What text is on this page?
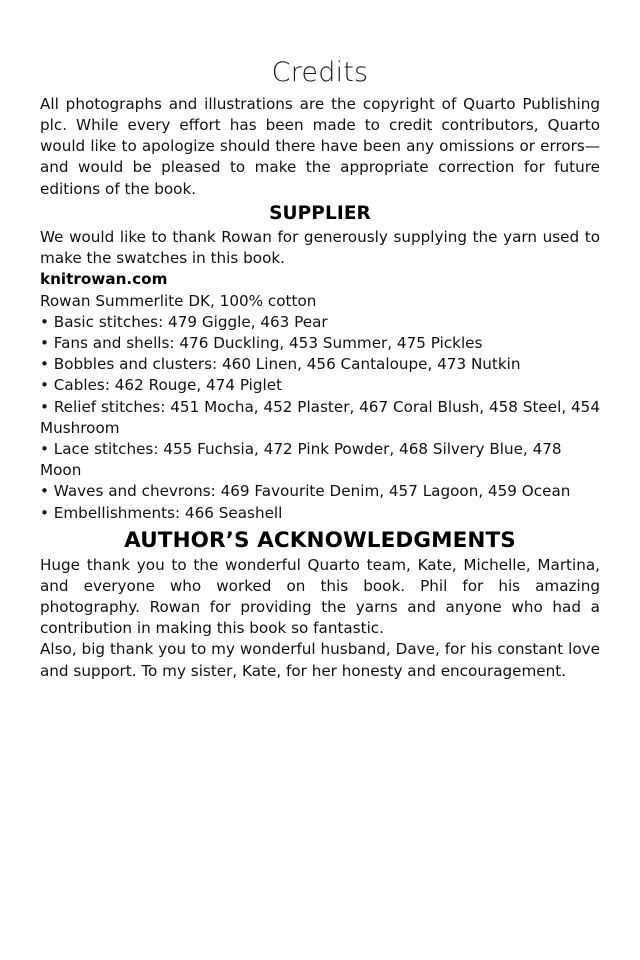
Credits

All photographs and illustrations are the copyright of Quarto Publishing plc. While every effort has been made to credit contributors, Quarto would like to apologize should there have been any omissions or errors—and would be pleased to make the appropriate correction for future editions of the book.

SUPPLIER

We would like to thank Rowan for generously supplying the yarn used to make the swatches in this book.

knitrowan.com
Rowan Summerlite DK, 100% cotton
• Basic stitches: 479 Giggle, 463 Pear
• Fans and shells: 476 Duckling, 453 Summer, 475 Pickles
• Bobbles and clusters: 460 Linen, 456 Cantaloupe, 473 Nutkin
• Cables: 462 Rouge, 474 Piglet
• Relief stitches: 451 Mocha, 452 Plaster, 467 Coral Blush, 458 Steel, 454 Mushroom
• Lace stitches: 455 Fuchsia, 472 Pink Powder, 468 Silvery Blue, 478 Moon
• Waves and chevrons: 469 Favourite Denim, 457 Lagoon, 459 Ocean
• Embellishments: 466 Seashell
AUTHOR’S ACKNOWLEDGMENTS

Huge thank you to the wonderful Quarto team, Kate, Michelle, Martina, and everyone who worked on this book. Phil for his amazing photography. Rowan for providing the yarns and anyone who had a contribution in making this book so fantastic.

Also, big thank you to my wonderful husband, Dave, for his constant love and support. To my sister, Kate, for her honesty and encouragement.
